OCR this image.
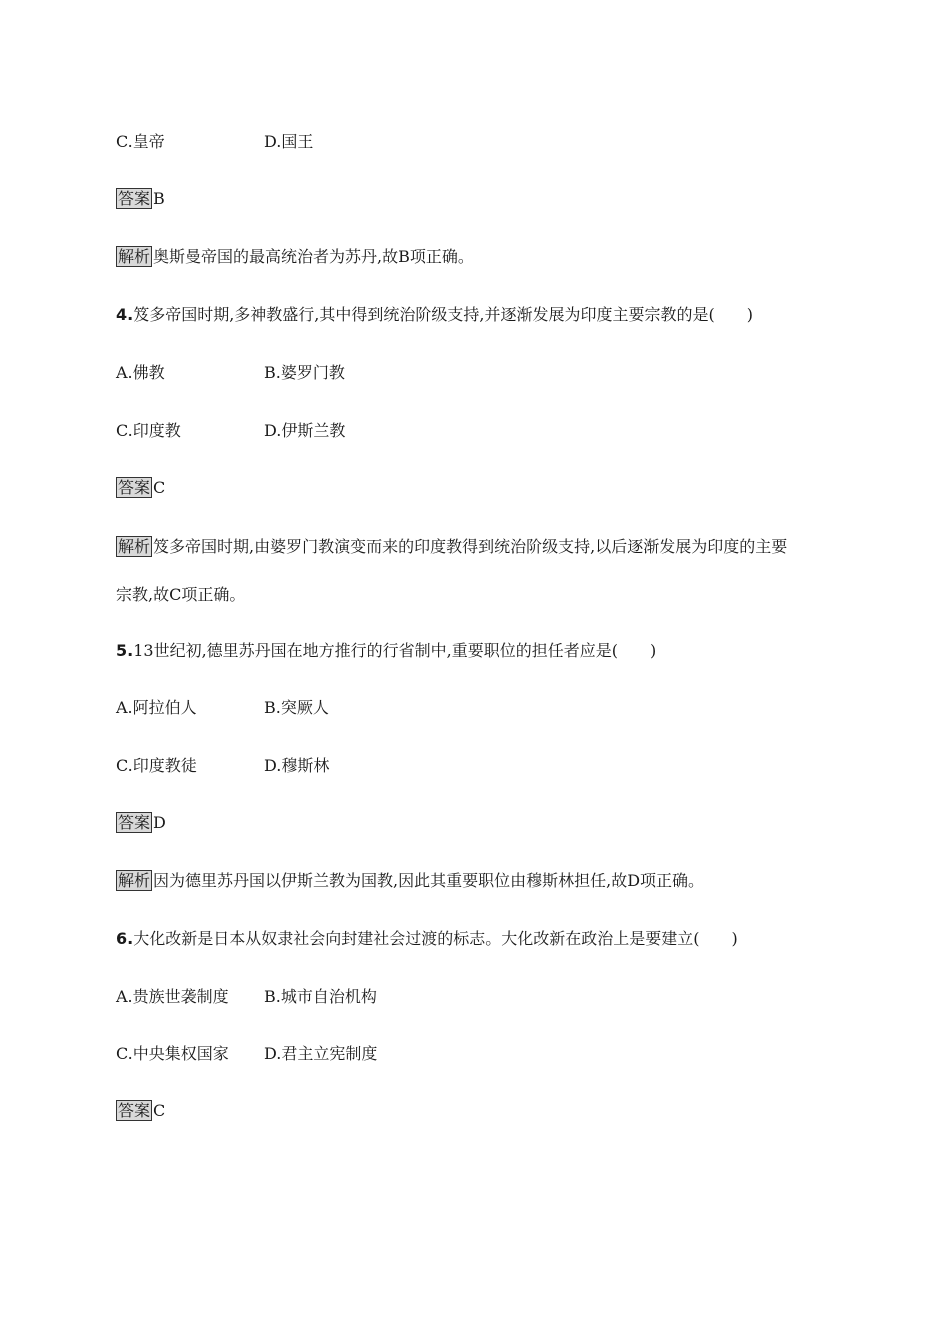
C.皇帝	D.国王
答案 B
解析 奥斯曼帝国的最高统治者为苏丹,故B项正确。
4.笈多帝国时期,多神教盛行,其中得到统治阶级支持,并逐渐发展为印度主要宗教的是(　　)
A.佛教	B.婆罗门教
C.印度教	D.伊斯兰教
答案 C
解析 笈多帝国时期,由婆罗门教演变而来的印度教得到统治阶级支持,以后逐渐发展为印度的主要
宗教,故C项正确。
5.13世纪初,德里苏丹国在地方推行的行省制中,重要职位的担任者应是(　　)
A.阿拉伯人	B.突厥人
C.印度教徒	D.穆斯林
答案 D
解析 因为德里苏丹国以伊斯兰教为国教,因此其重要职位由穆斯林担任,故D项正确。
6.大化改新是日本从奴隶社会向封建社会过渡的标志。大化改新在政治上是要建立(　　)
A.贵族世袭制度 B.城市自治机构
C.中央集权国家 D.君主立宪制度
答案 C
